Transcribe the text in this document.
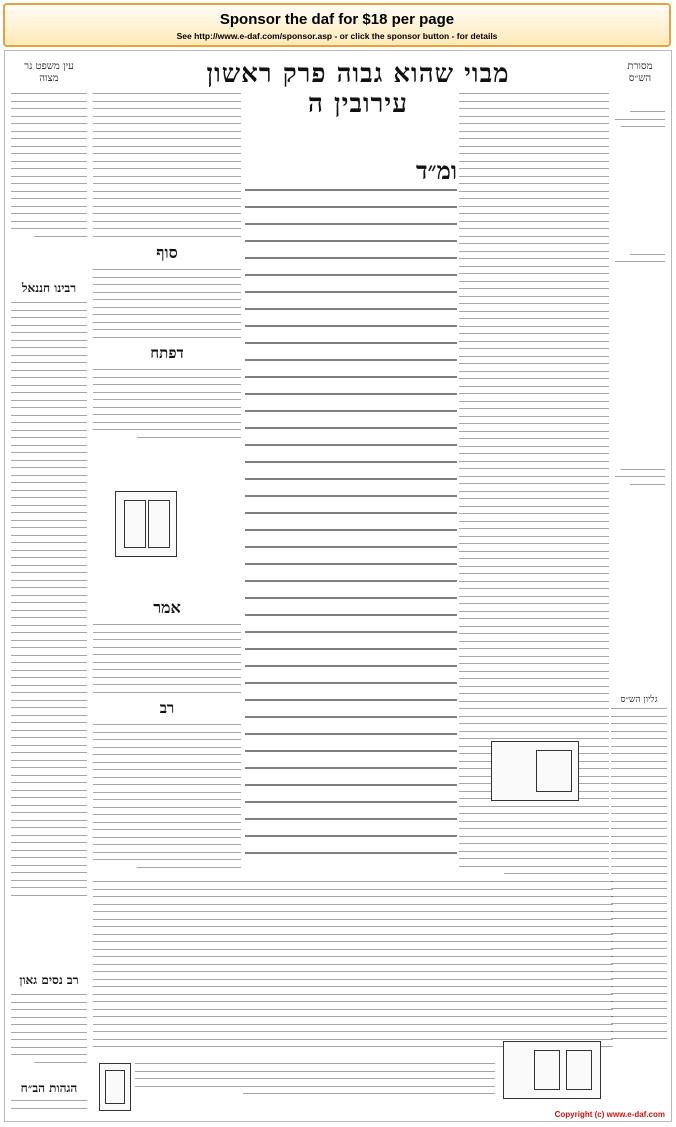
Sponsor the daf for $18 per page
See http://www.e-daf.com/sponsor.asp - or click the sponsor button - for details
מסורת הש״ס
מבוי שהוא גבוה פרק ראשון עירובין ה
עין משפט נר מצוה
גליון הש״ס
סוף
דפתח
אמר
רב
רבינו חננאל
רב נסים גאון
הגהות הב״ח
ומ״ד
Copyright (c) www.e-daf.com
